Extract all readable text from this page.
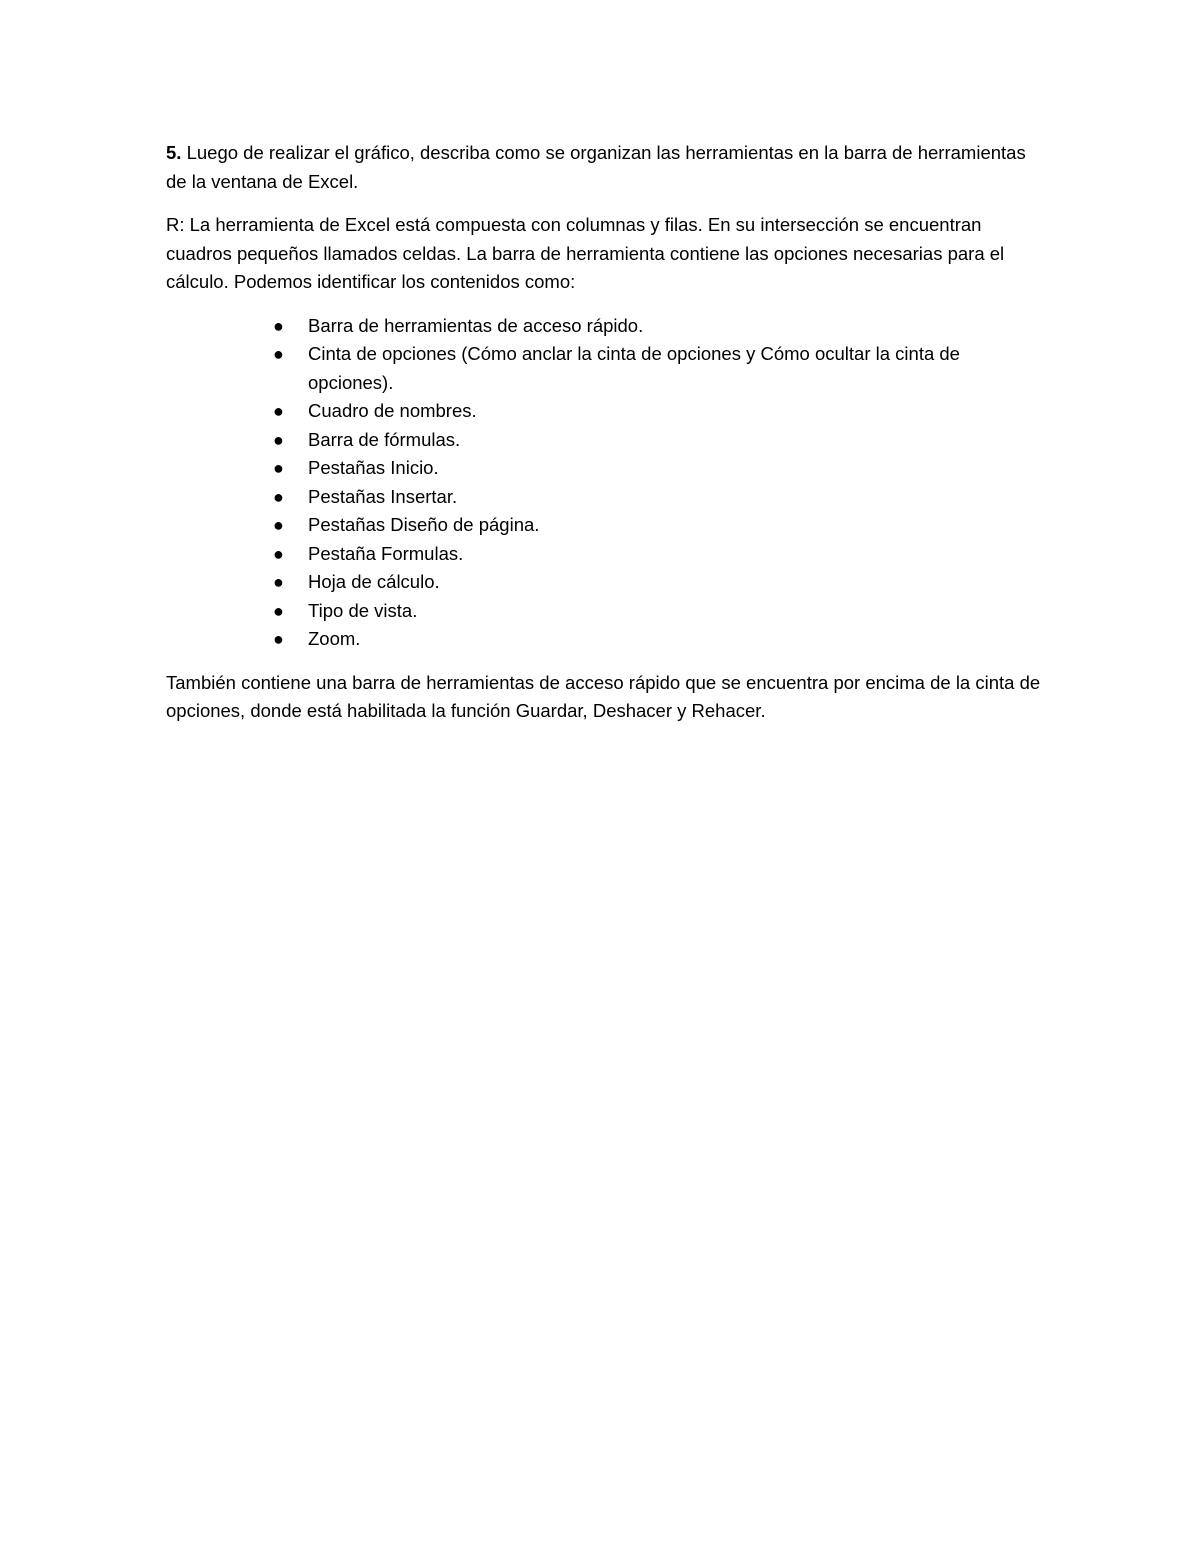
5. Luego de realizar el gráfico, describa como se organizan las herramientas en la barra de herramientas de la ventana de Excel.

R: La herramienta de Excel está compuesta con columnas y filas. En su intersección se encuentran cuadros pequeños llamados celdas. La barra de herramienta contiene las opciones necesarias para el cálculo. Podemos identificar los contenidos como:

● Barra de herramientas de acceso rápido.
● Cinta de opciones (Cómo anclar la cinta de opciones y Cómo ocultar la cinta de opciones).
● Cuadro de nombres.
● Barra de fórmulas.
● Pestañas Inicio.
● Pestañas Insertar.
● Pestañas Diseño de página.
● Pestaña Formulas.
● Hoja de cálculo.
● Tipo de vista.
● Zoom.

También contiene una barra de herramientas de acceso rápido que se encuentra por encima de la cinta de opciones, donde está habilitada la función Guardar, Deshacer y Rehacer.
